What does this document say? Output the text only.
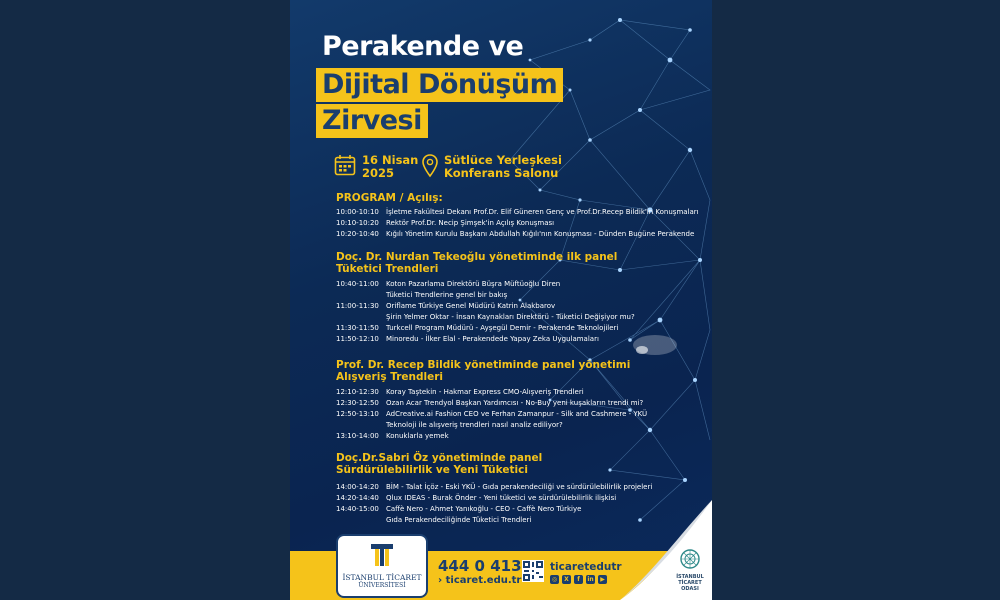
Perakende ve
Dijital Dönüşüm
Zirvesi
16 Nisan
2025
Sütlüce Yerleşkesi
Konferans Salonu
PROGRAM / Açılış:
10:00-10:10	İşletme Fakültesi Dekanı Prof.Dr. Elif Güneren Genç ve Prof.Dr.Recep Bildik'in Konuşmaları
10:10-10:20	Rektör Prof.Dr. Necip Şimşek'in Açılış Konuşması
10:20-10:40	Kığılı Yönetim Kurulu Başkanı Abdullah Kığılı'nın Konuşması - Dünden Bugüne Perakende
Doç. Dr. Nurdan Tekeoğlu yönetiminde ilk panel
Tüketici Trendleri
10:40-11:00	Koton Pazarlama Direktörü Büşra Müftüoğlu Diren
Tüketici Trendlerine genel bir bakış
11:00-11:30	Oriflame Türkiye Genel Müdürü Katrin Alakbarov
Şirin Yelmer Oktar - İnsan Kaynakları Direktörü - Tüketici Değişiyor mu?
11:30-11:50	Turkcell Program Müdürü - Ayşegül Demir - Perakende Teknolojileri
11:50-12:10	Minoredu - İlker Elal - Perakendede Yapay Zeka Uygulamaları
Prof. Dr. Recep Bildik yönetiminde panel yönetimi
Alışveriş Trendleri
12:10-12:30	Koray Taştekin - Hakmar Express CMO-Alışveriş Trendleri
12:30-12:50	Ozan Acar Trendyol Başkan Yardımcısı - No-Buy yeni kuşakların trendi mi?
12:50-13:10	AdCreative.ai Fashion CEO ve Ferhan Zamanpur - Silk and Cashmere - YKÜ
Teknoloji ile alışveriş trendleri nasıl analiz ediliyor?
13:10-14:00	Konuklarla yemek
Doç.Dr.Sabri Öz yönetiminde panel
Sürdürülebilirlik ve Yeni Tüketici
14:00-14:20	BİM - Talat İçöz - Eski YKÜ - Gıda perakendeciliği ve sürdürülebilirlik projeleri
14:20-14:40	Qlux IDEAS - Burak Önder - Yeni tüketici ve sürdürülebilirlik ilişkisi
14:40-15:00	Caffè Nero - Ahmet Yanıkoğlu - CEO - Caffè Nero Türkiye
Gıda Perakendeciliğinde Tüketici Trendleri
İSTANBUL TİCARET
ÜNİVERSİTESİ
444 0 413
› ticaret.edu.tr
ticaretedutr
◎	X	f	in	▶	İSTANBUL
TİCARET
ODASI
